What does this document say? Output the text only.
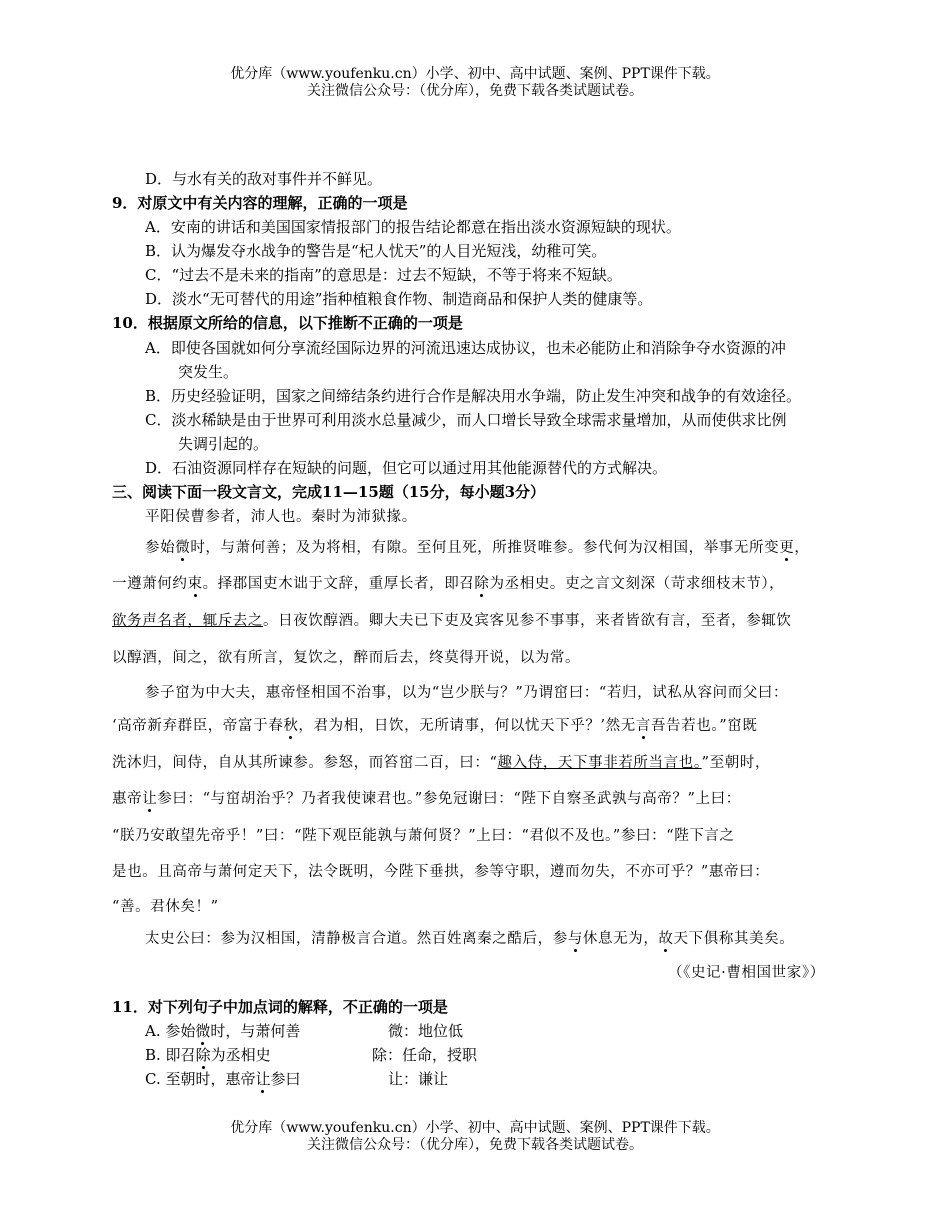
优分库（www.youfenku.cn）小学、初中、高中试题、案例、PPT课件下载。
关注微信公众号：（优分库），免费下载各类试题试卷。
D．与水有关的敌对事件并不鲜见。
9．对原文中有关内容的理解，正确的一项是
A．安南的讲话和美国国家情报部门的报告结论都意在指出淡水资源短缺的现状。
B．认为爆发夺水战争的警告是“杞人忧天”的人目光短浅，幼稚可笑。
C．“过去不是未来的指南”的意思是：过去不短缺，不等于将来不短缺。
D．淡水“无可替代的用途”指种植粮食作物、制造商品和保护人类的健康等。
10．根据原文所给的信息，以下推断不正确的一项是
A．即使各国就如何分享流经国际边界的河流迅速达成协议，也未必能防止和消除争夺水资源的冲
突发生。
B．历史经验证明，国家之间缔结条约进行合作是解决用水争端，防止发生冲突和战争的有效途径。
C．淡水稀缺是由于世界可利用淡水总量减少，而人口增长导致全球需求量增加，从而使供求比例
失调引起的。
D．石油资源同样存在短缺的问题，但它可以通过用其他能源替代的方式解决。
三、阅读下面一段文言文，完成11—15题（15分，每小题3分）
平阳侯曹参者，沛人也。秦时为沛狱掾。
参始微时，与萧何善；及为将相，有隙。至何且死，所推贤唯参。参代何为汉相国，举事无所变更，
一遵萧何约束。择郡国吏木诎于文辞，重厚长者，即召除为丞相史。吏之言文刻深（苛求细枝末节），
欲务声名者，辄斥去之。日夜饮醇酒。卿大夫已下吏及宾客见参不事事，来者皆欲有言，至者，参辄饮
以醇酒，间之，欲有所言，复饮之，醉而后去，终莫得开说，以为常。
参子窋为中大夫，惠帝怪相国不治事，以为“岂少朕与？”乃谓窋曰：“若归，试私从容问而父曰：
‘高帝新弃群臣，帝富于春秋，君为相，日饮，无所请事，何以忧天下乎？’然无言吾告若也。”窋既
洗沐归，间侍，自从其所谏参。参怒，而笞窋二百，曰：“趣入侍，天下事非若所当言也。”至朝时，
惠帝让参曰：“与窋胡治乎？乃者我使谏君也。”参免冠谢曰：“陛下自察圣武孰与高帝？”上曰：
“朕乃安敢望先帝乎！”曰：“陛下观臣能孰与萧何贤？”上曰：“君似不及也。”参曰：“陛下言之
是也。且高帝与萧何定天下，法令既明，今陛下垂拱，参等守职，遵而勿失，不亦可乎？”惠帝曰：
“善。君休矣！”
太史公曰：参为汉相国，清静极言合道。然百姓离秦之酷后，参与休息无为，故天下俱称其美矣。
（《史记·曹相国世家》）
11．对下列句子中加点词的解释，不正确的一项是
A. 参始微时，与萧何善	微：地位低
B. 即召除为丞相史	除：任命，授职
C. 至朝时，惠帝让参曰	让：谦让
优分库（www.youfenku.cn）小学、初中、高中试题、案例、PPT课件下载。
关注微信公众号：（优分库），免费下载各类试题试卷。
